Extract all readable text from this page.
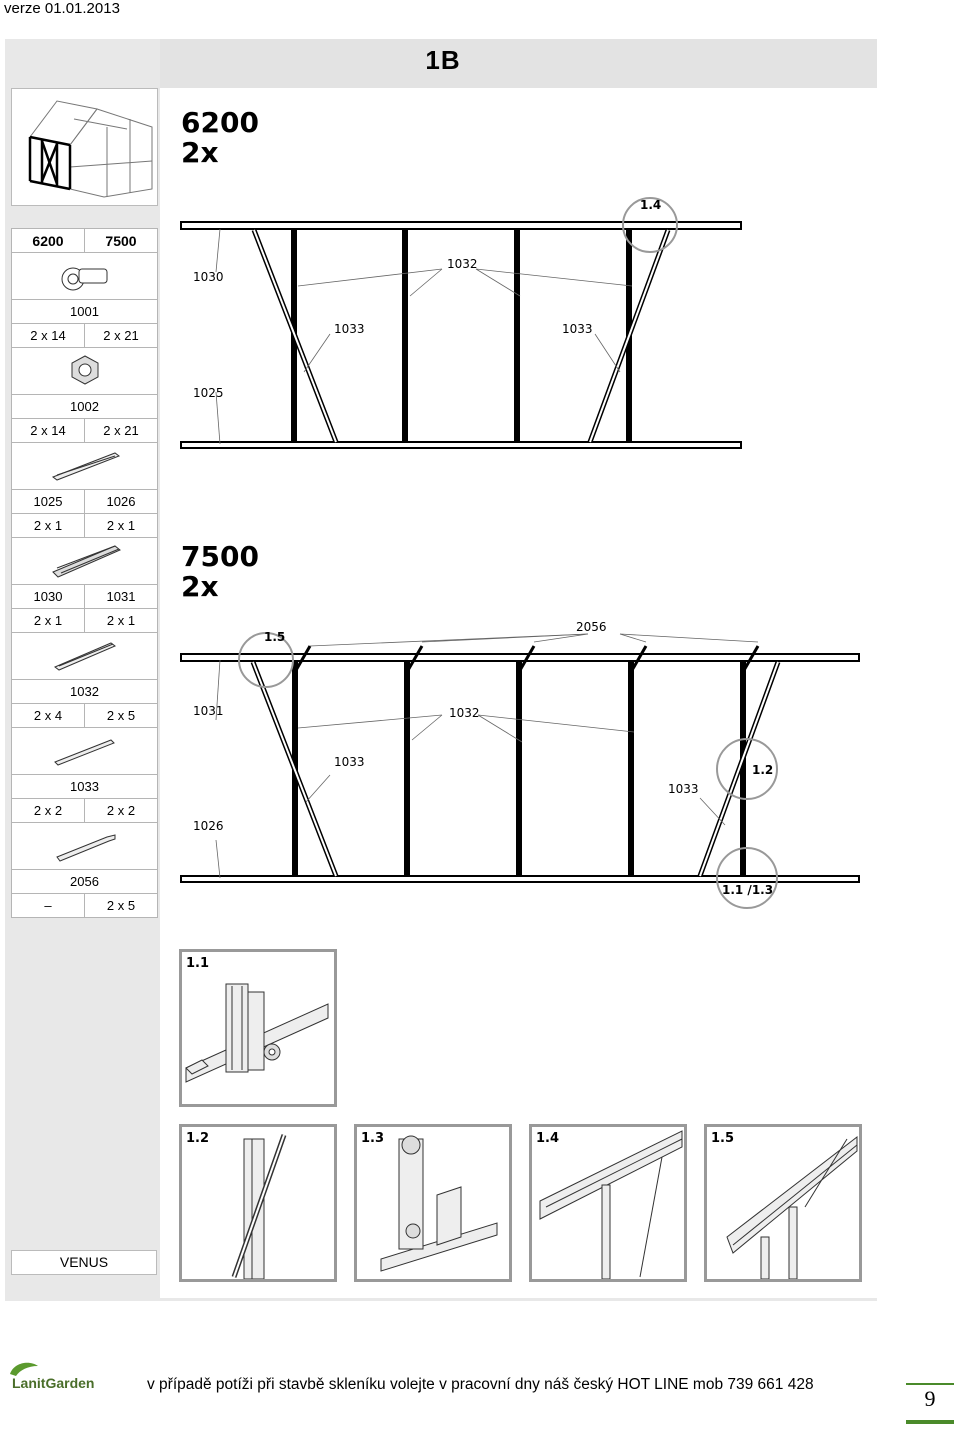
verze 01.01.2013
1B
6200	7500

1001	
2 x 14	2 x 21

1002	
2 x 14	2 x 21

1025	1026
2 x 1	2 x 1

1030	1031
2 x 1	2 x 1

1032	
2 x 4	2 x 5

1033	
2 x 2	2 x 2

2056	
–	2 x 5
VENUS
6200
2x
1030
1025
1032
1033	1033
1.4
7500
2x
1031
1026
1032
1033
1033
2056
1.5
1.2
1.1 /1.3
1.1
1.2	1.3	1.4	1.5
LanitGarden	v případě potíži při stavbě skleníku volejte v pracovní dny náš český HOT LINE mob 739 661 428
9
